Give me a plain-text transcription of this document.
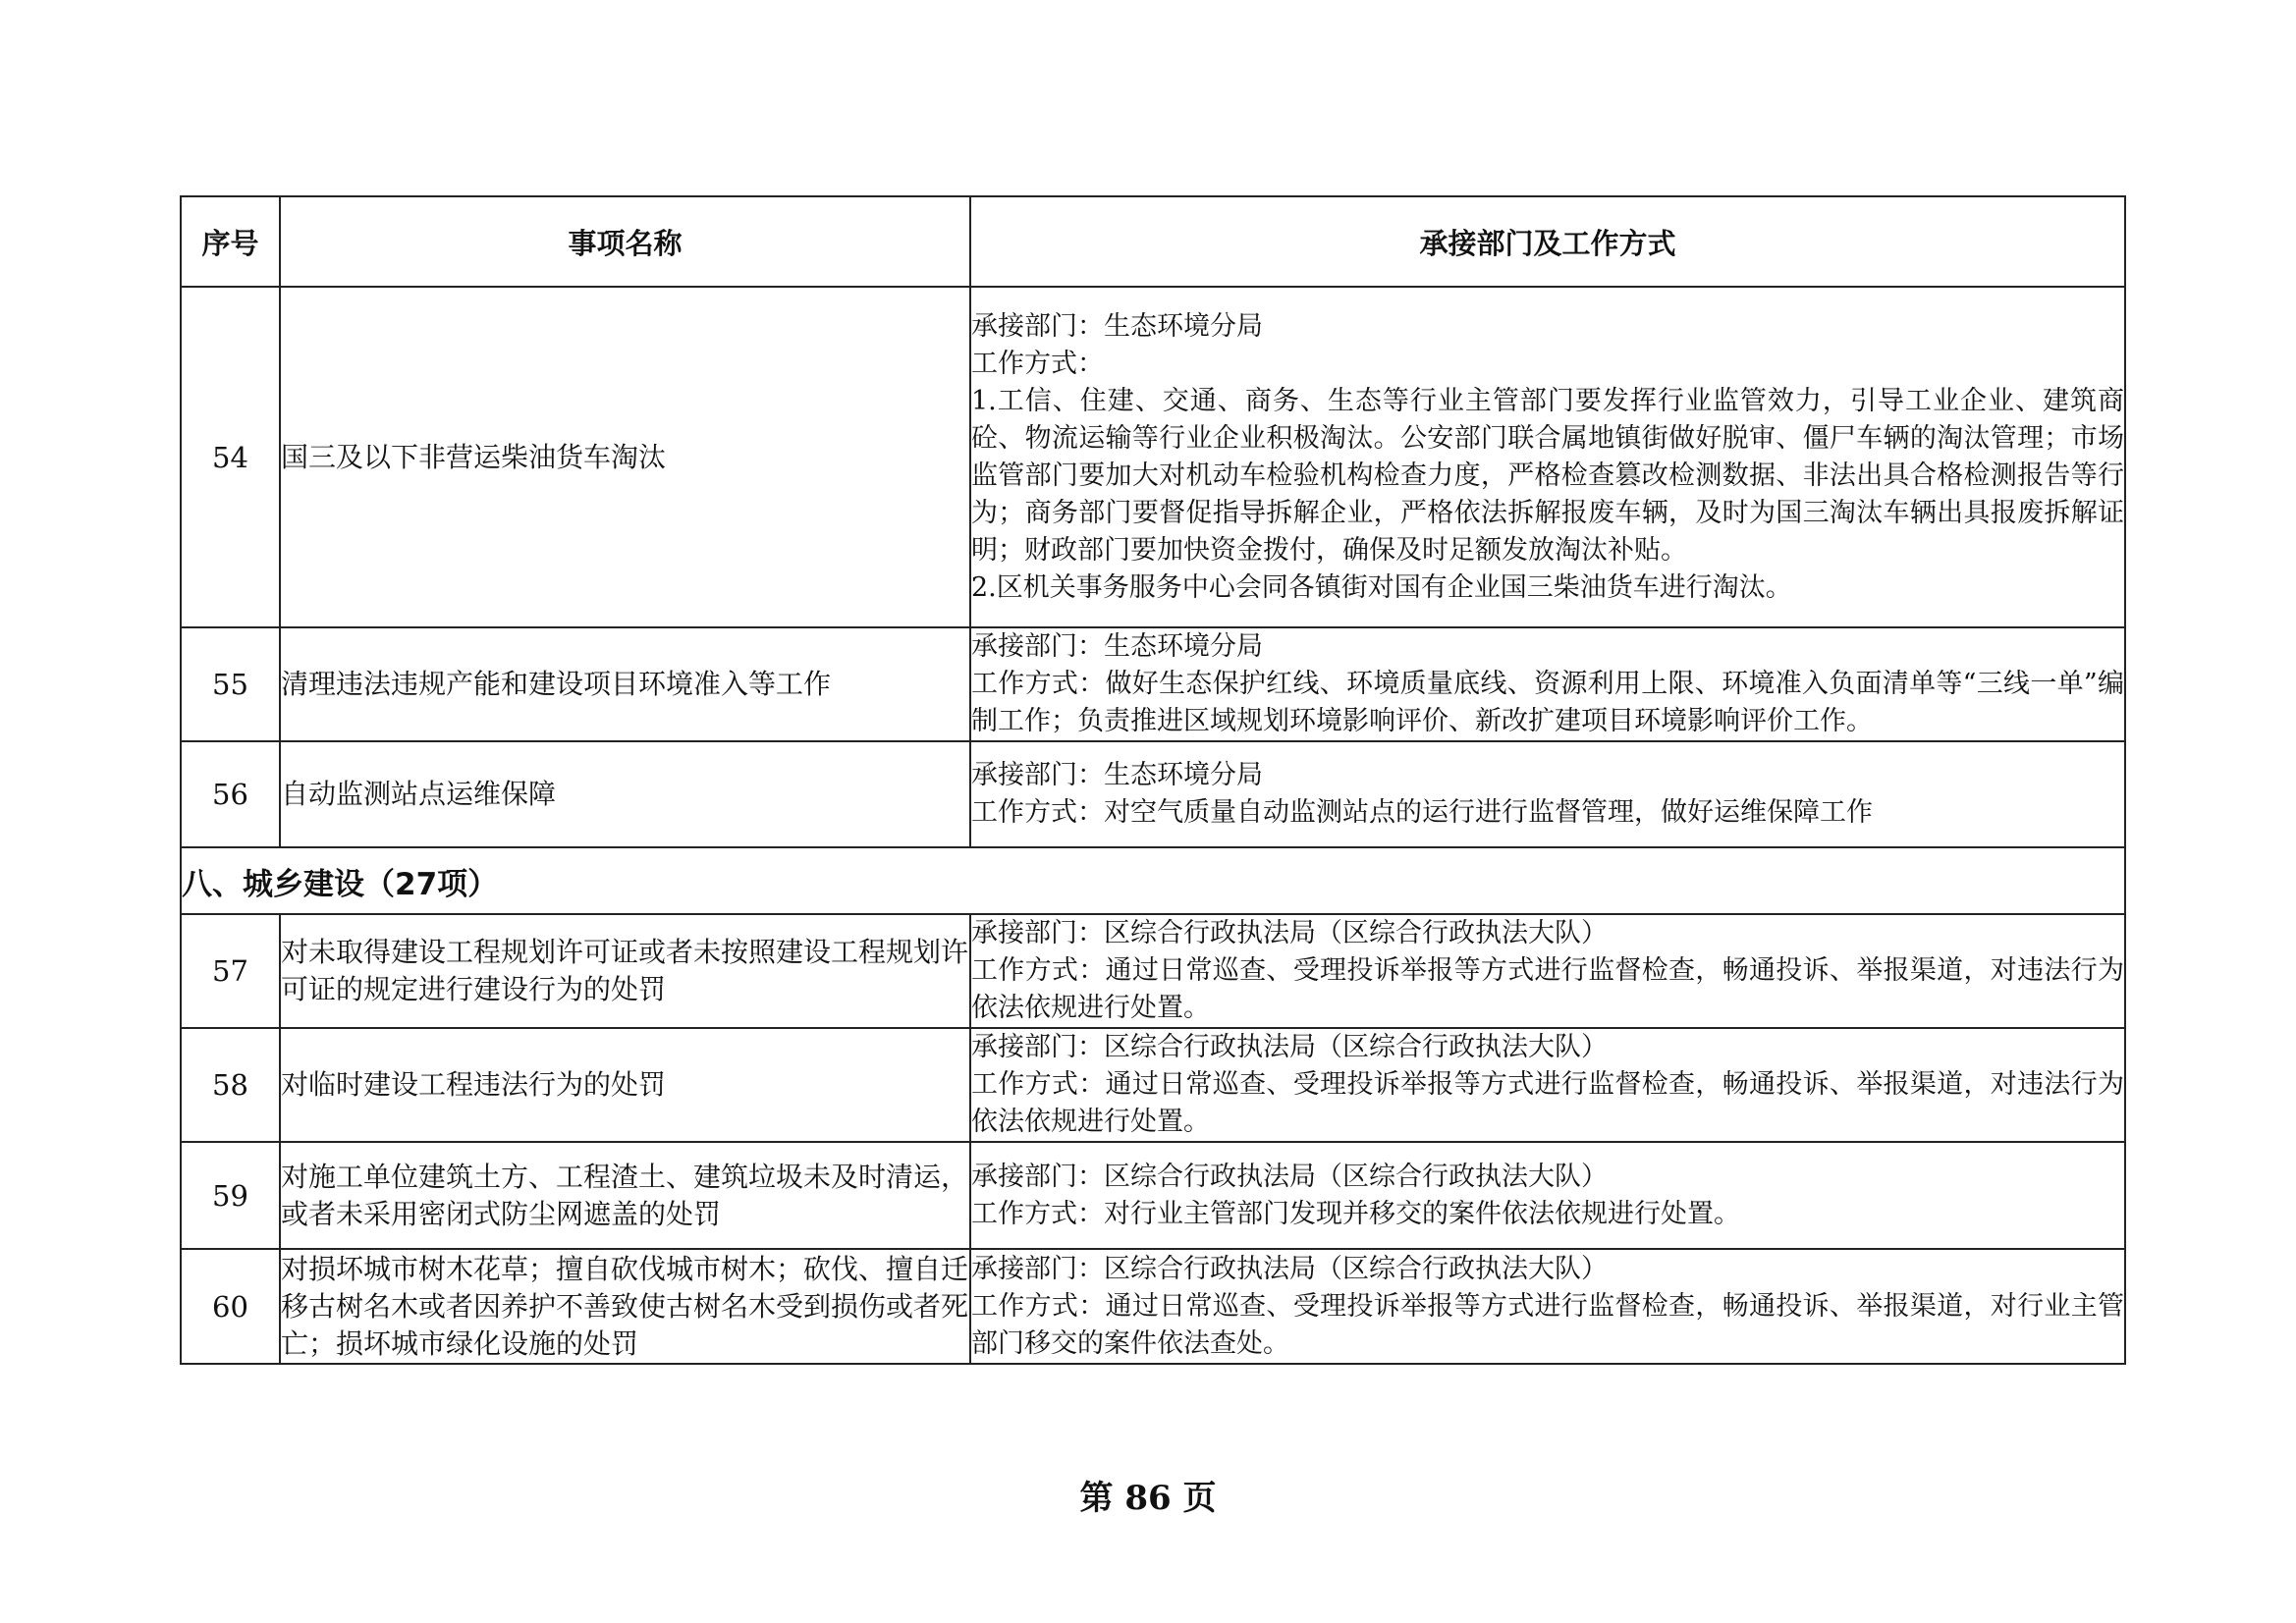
序号	事项名称	承接部门及工作方式
54	国三及以下非营运柴油货车淘汰	承接部门：生态环境分局
工作方式：
1.工信、住建、交通、商务、生态等行业主管部门要发挥行业监管效力，引导工业企业、建筑商砼、物流运输等行业企业积极淘汰。公安部门联合属地镇街做好脱审、僵尸车辆的淘汰管理；市场监管部门要加大对机动车检验机构检查力度，严格检查篡改检测数据、非法出具合格检测报告等行为；商务部门要督促指导拆解企业，严格依法拆解报废车辆，及时为国三淘汰车辆出具报废拆解证明；财政部门要加快资金拨付，确保及时足额发放淘汰补贴。
2.区机关事务服务中心会同各镇街对国有企业国三柴油货车进行淘汰。

55	清理违法违规产能和建设项目环境准入等工作	承接部门：生态环境分局
工作方式：做好生态保护红线、环境质量底线、资源利用上限、环境准入负面清单等“三线一单”编制工作；负责推进区域规划环境影响评价、新改扩建项目环境影响评价工作。

56	自动监测站点运维保障	承接部门：生态环境分局
工作方式：对空气质量自动监测站点的运行进行监督管理，做好运维保障工作

八、城乡建设（27项）		
57	对未取得建设工程规划许可证或者未按照建设工程规划许可证的规定进行建设行为的处罚	承接部门：区综合行政执法局（区综合行政执法大队）
工作方式：通过日常巡查、受理投诉举报等方式进行监督检查，畅通投诉、举报渠道，对违法行为依法依规进行处置。

58	对临时建设工程违法行为的处罚	承接部门：区综合行政执法局（区综合行政执法大队）
工作方式：通过日常巡查、受理投诉举报等方式进行监督检查，畅通投诉、举报渠道，对违法行为依法依规进行处置。

59	对施工单位建筑土方、工程渣土、建筑垃圾未及时清运，或者未采用密闭式防尘网遮盖的处罚	承接部门：区综合行政执法局（区综合行政执法大队）
工作方式：对行业主管部门发现并移交的案件依法依规进行处置。

60	对损坏城市树木花草；擅自砍伐城市树木；砍伐、擅自迁移古树名木或者因养护不善致使古树名木受到损伤或者死亡；损坏城市绿化设施的处罚	承接部门：区综合行政执法局（区综合行政执法大队）
工作方式：通过日常巡查、受理投诉举报等方式进行监督检查，畅通投诉、举报渠道，对行业主管部门移交的案件依法查处。
第 86 页
